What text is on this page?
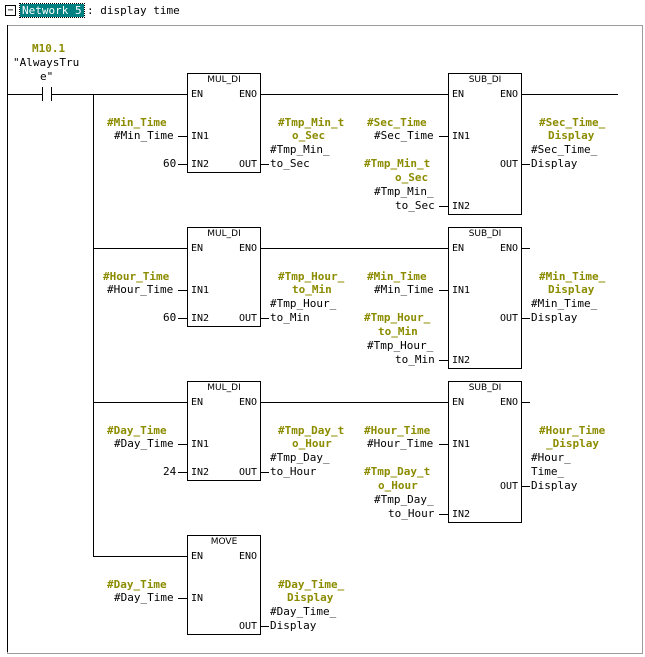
− Network 5 : display time
M10.1
"AlwaysTru
e"	MUL_DI
EN	ENO
IN1
IN2	OUT
#Min_Time
#Min_Time
60
#Tmp_Min_t
o_Sec
#Tmp_Min_
to_Sec
SUB_DI
EN	ENO
IN1
OUT
IN2
#Sec_Time
#Sec_Time
#Tmp_Min_t
o_Sec
#Tmp_Min_
to_Sec
#Sec_Time_
Display
#Sec_Time_
Display
MUL_DI
EN	ENO
IN1
IN2	OUT
#Hour_Time
#Hour_Time
60
#Tmp_Hour_
to_Min
#Tmp_Hour_
to_Min
SUB_DI
EN	ENO
IN1
OUT
IN2
#Min_Time
#Min_Time
#Tmp_Hour_
to_Min
#Tmp_Hour_
to_Min
#Min_Time_
Display
#Min_Time_
Display
MUL_DI
EN	ENO
IN1
IN2	OUT
#Day_Time
#Day_Time
24
#Tmp_Day_t
o_Hour
#Tmp_Day_
to_Hour
SUB_DI
EN	ENO
IN1
OUT
IN2
#Hour_Time
#Hour_Time
#Tmp_Day_t
o_Hour
#Tmp_Day_
to_Hour
#Hour_Time
_Display
#Hour_
Time_
Display
MOVE
EN	ENO
IN
OUT
#Day_Time
#Day_Time
#Day_Time_
Display
#Day_Time_
Display
